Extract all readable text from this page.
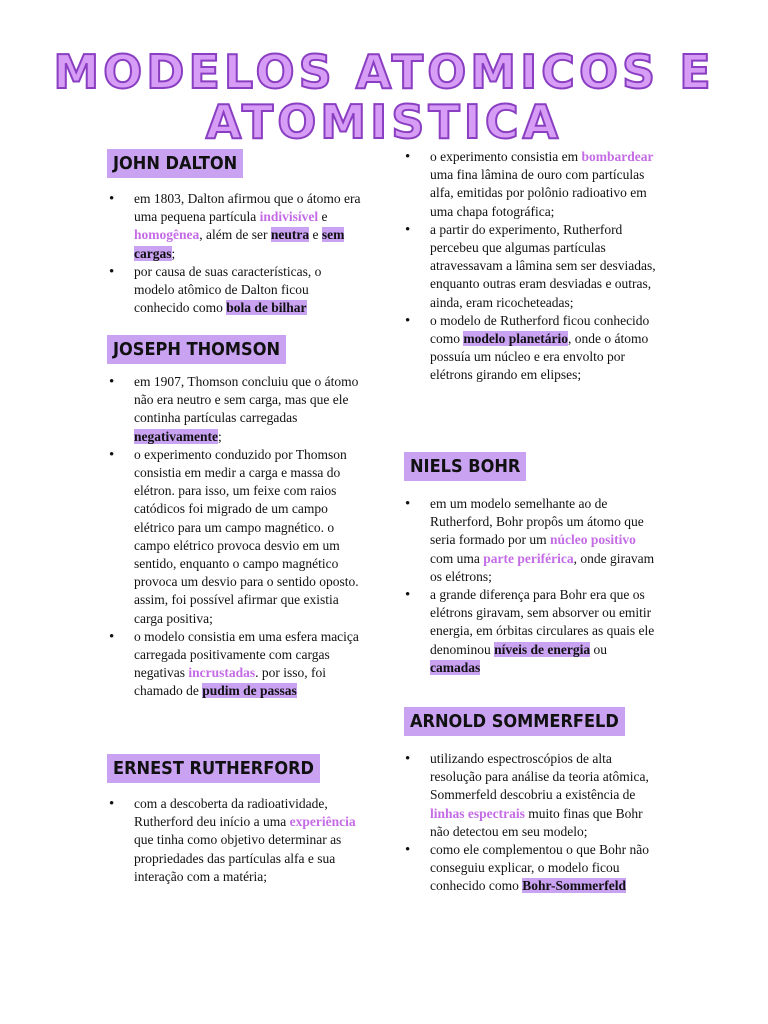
MODELOS ATOMICOS E
ATOMISTICA
JOHN DALTON
• em 1803, Dalton afirmou que o átomo era uma pequena partícula indivisível e homogênea, além de ser neutra e sem cargas;
• por causa de suas características, o modelo atômico de Dalton ficou conhecido como bola de bilhar
JOSEPH THOMSON
• em 1907, Thomson concluiu que o átomo não era neutro e sem carga, mas que ele continha partículas carregadas negativamente;
• o experimento conduzido por Thomson consistia em medir a carga e massa do elétron. para isso, um feixe com raios catódicos foi migrado de um campo elétrico para um campo magnético. o campo elétrico provoca desvio em um sentido, enquanto o campo magnético provoca um desvio para o sentido oposto. assim, foi possível afirmar que existia carga positiva;
• o modelo consistia em uma esfera maciça carregada positivamente com cargas negativas incrustadas. por isso, foi chamado de pudim de passas
ERNEST RUTHERFORD
• com a descoberta da radioatividade, Rutherford deu início a uma experiência que tinha como objetivo determinar as propriedades das partículas alfa e sua interação com a matéria;
• o experimento consistia em bombardear uma fina lâmina de ouro com partículas alfa, emitidas por polônio radioativo em uma chapa fotográfica;
• a partir do experimento, Rutherford percebeu que algumas partículas atravessavam a lâmina sem ser desviadas, enquanto outras eram desviadas e outras, ainda, eram ricocheteadas;
• o modelo de Rutherford ficou conhecido como modelo planetário, onde o átomo possuía um núcleo e era envolto por elétrons girando em elipses;
NIELS BOHR
• em um modelo semelhante ao de Rutherford, Bohr propôs um átomo que seria formado por um núcleo positivo com uma parte periférica, onde giravam os elétrons;
• a grande diferença para Bohr era que os elétrons giravam, sem absorver ou emitir energia, em órbitas circulares as quais ele denominou níveis de energia ou camadas
ARNOLD SOMMERFELD
• utilizando espectroscópios de alta resolução para análise da teoria atômica, Sommerfeld descobriu a existência de linhas espectrais muito finas que Bohr não detectou em seu modelo;
• como ele complementou o que Bohr não conseguiu explicar, o modelo ficou conhecido como Bohr-Sommerfeld
